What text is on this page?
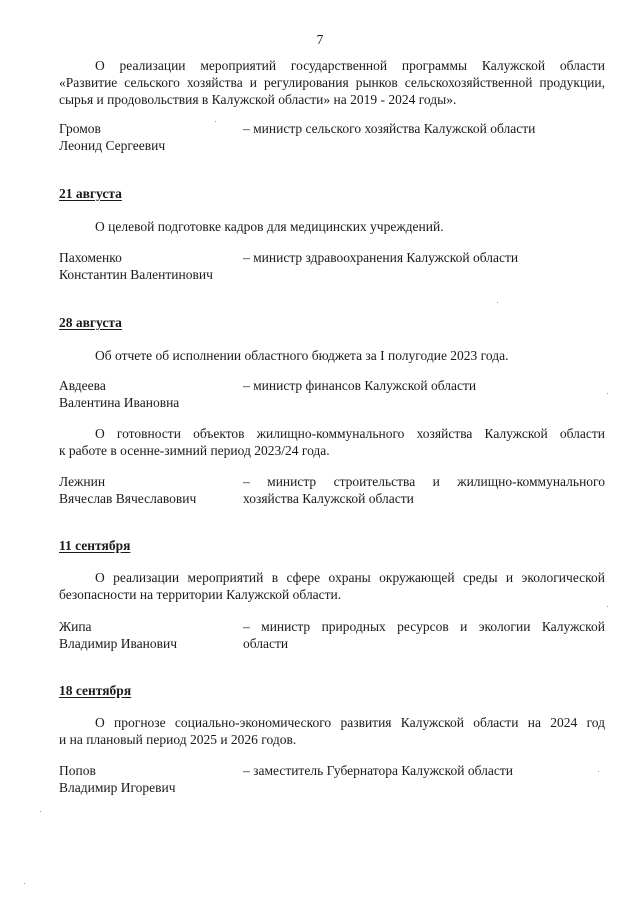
7
О реализации мероприятий государственной программы Калужской области
«Развитие сельского хозяйства и регулирования рынков сельскохозяйственной продукции,
сырья и продовольствия в Калужской области» на 2019 - 2024 годы».
Громов
Леонид Сергеевич
– министр сельского хозяйства Калужской области
21 августа
О целевой подготовке кадров для медицинских учреждений.
Пахоменко
Константин Валентинович
– министр здравоохранения Калужской области
28 августа
Об отчете об исполнении областного бюджета за I полугодие 2023 года.
Авдеева
Валентина Ивановна
– министр финансов Калужской области
О готовности объектов жилищно-коммунального хозяйства Калужской области
к работе в осенне-зимний период 2023/24 года.
Лежнин
Вячеслав Вячеславович
– министр строительства и жилищно-коммунального
хозяйства Калужской области
11 сентября
О реализации мероприятий в сфере охраны окружающей среды и экологической
безопасности на территории Калужской области.
Жипа
Владимир Иванович
– министр природных ресурсов и экологии Калужской
области
18 сентября
О прогнозе социально-экономического развития Калужской области на 2024 год
и на плановый период 2025 и 2026 годов.
Попов
Владимир Игоревич
– заместитель Губернатора Калужской области
